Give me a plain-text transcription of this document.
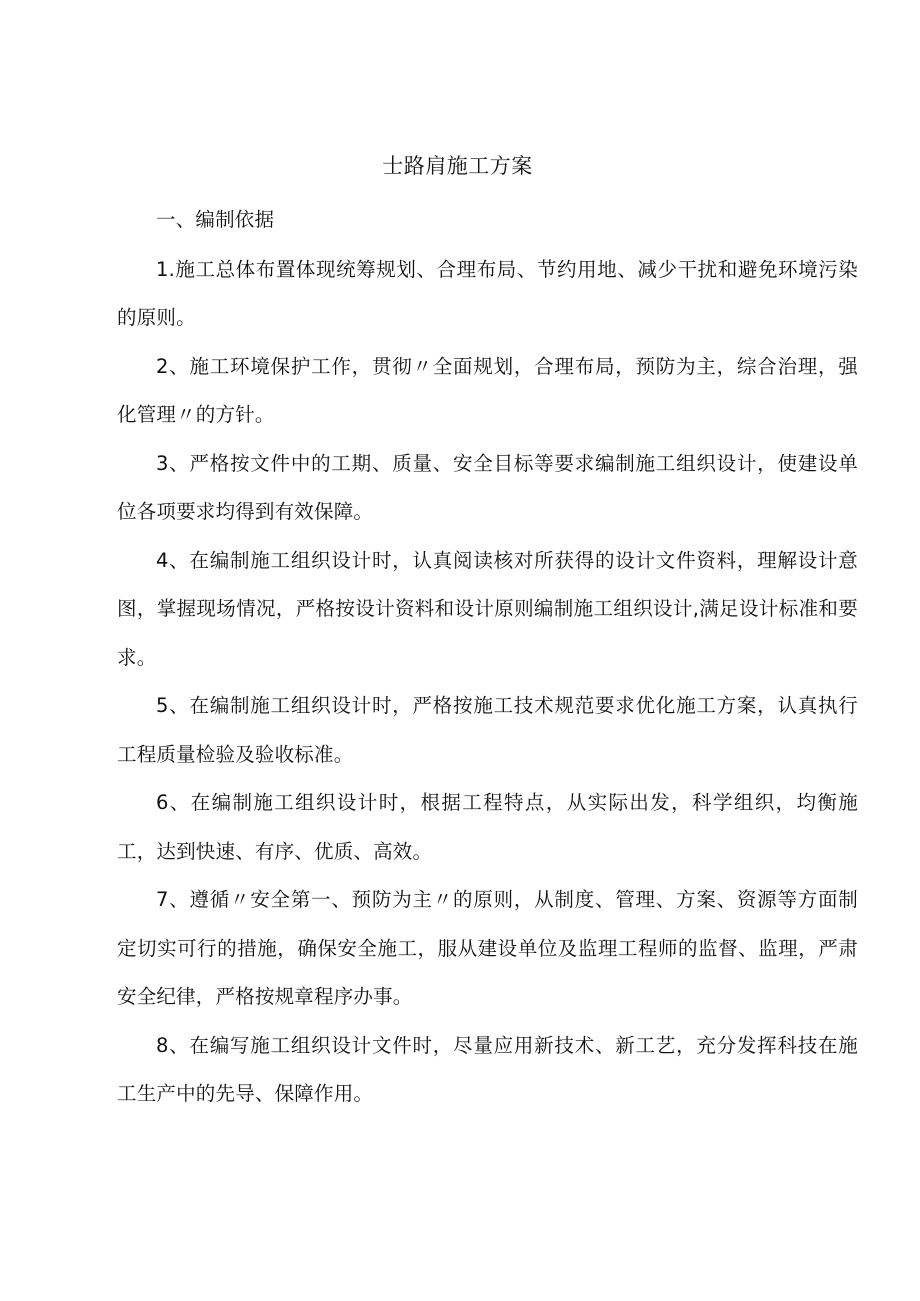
士路肩施工方案

一、编制依据

1.施工总体布置体现统筹规划、合理布局、节约用地、减少干扰和避免环境污染的原则。

2、施工环境保护工作，贯彻〃全面规划，合理布局，预防为主，综合治理，强化管理〃的方针。

3、严格按文件中的工期、质量、安全目标等要求编制施工组织设计，使建设单位各项要求均得到有效保障。

4、在编制施工组织设计时，认真阅读核对所获得的设计文件资料，理解设计意图，掌握现场情况，严格按设计资料和设计原则编制施工组织设计,满足设计标准和要求。

5、在编制施工组织设计时，严格按施工技术规范要求优化施工方案，认真执行工程质量检验及验收标准。

6、在编制施工组织设计时，根据工程特点，从实际出发，科学组织，均衡施工，达到快速、有序、优质、高效。

7、遵循〃安全第一、预防为主〃的原则，从制度、管理、方案、资源等方面制定切实可行的措施，确保安全施工，服从建设单位及监理工程师的监督、监理，严肃安全纪律，严格按规章程序办事。

8、在编写施工组织设计文件时，尽量应用新技术、新工艺，充分发挥科技在施工生产中的先导、保障作用。
